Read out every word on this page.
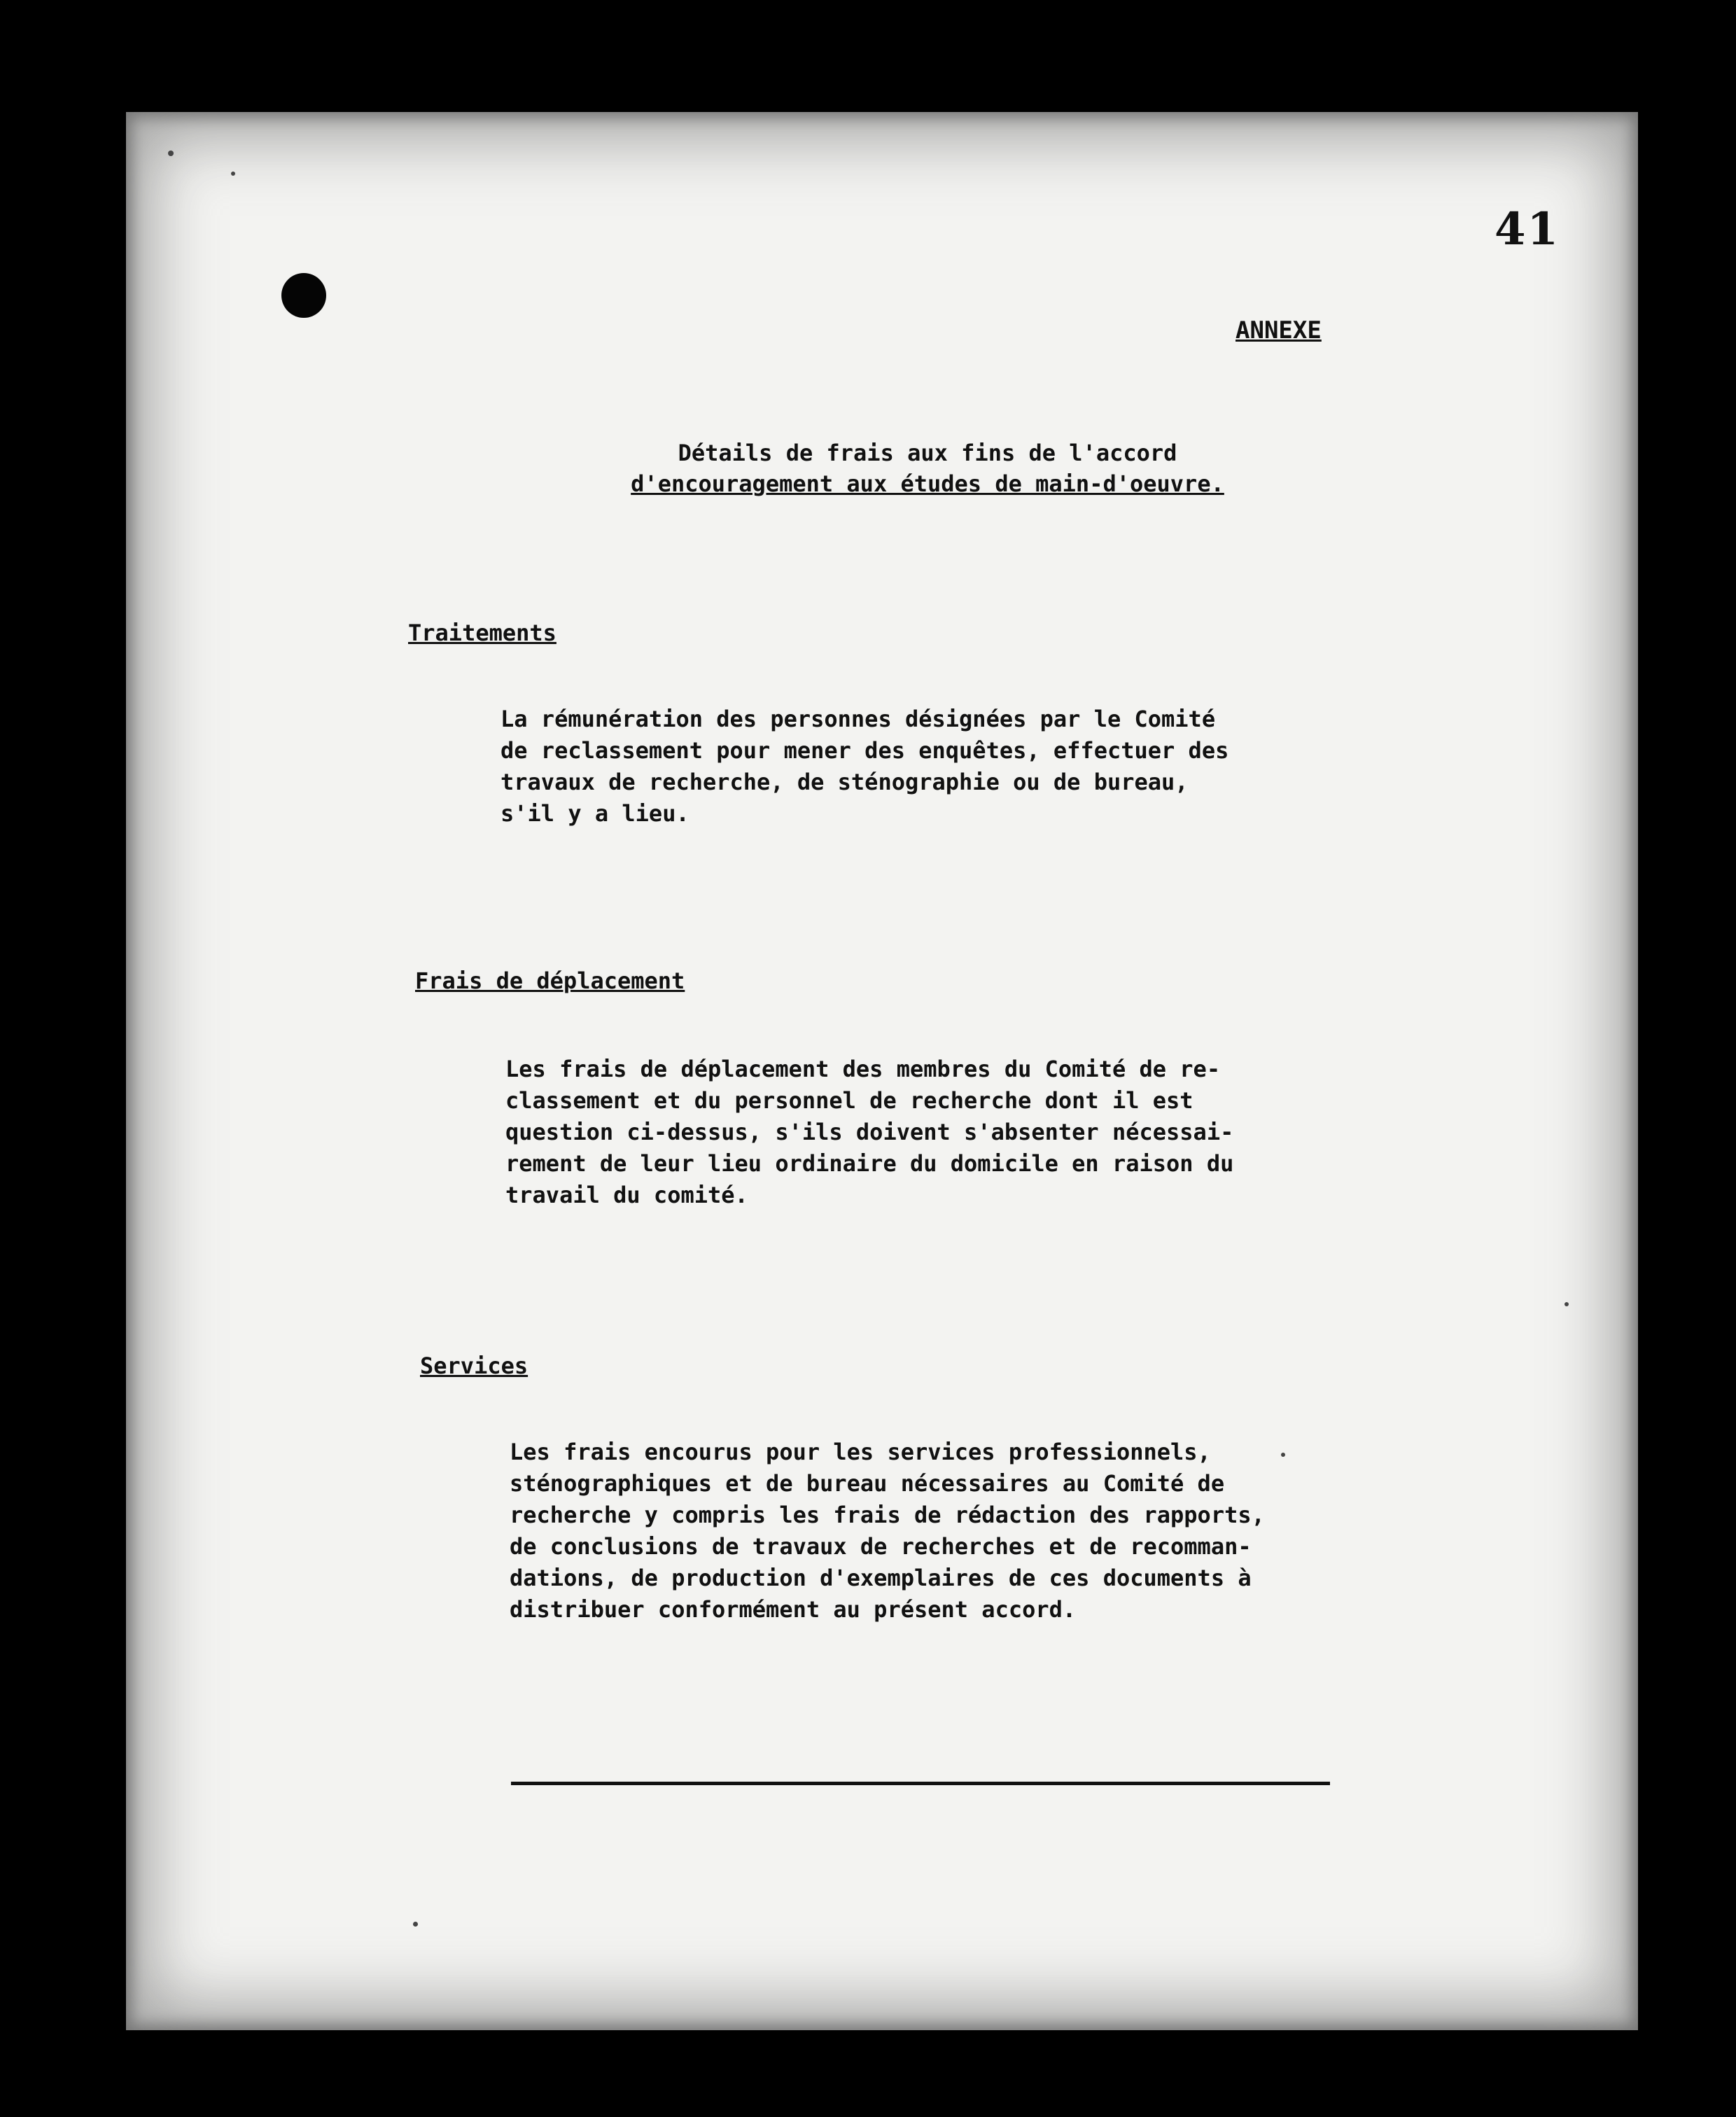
41
ANNEXE
Détails de frais aux fins de l'accord
d'encouragement aux études de main-d'oeuvre.
Traitements
La rémunération des personnes désignées par le Comité
de reclassement pour mener des enquêtes, effectuer des
travaux de recherche, de sténographie ou de bureau,
s'il y a lieu.
Frais de déplacement
Les frais de déplacement des membres du Comité de re-
classement et du personnel de recherche dont il est
question ci-dessus, s'ils doivent s'absenter nécessai-
rement de leur lieu ordinaire du domicile en raison du
travail du comité.
Services
Les frais encourus pour les services professionnels,
sténographiques et de bureau nécessaires au Comité de
recherche y compris les frais de rédaction des rapports,
de conclusions de travaux de recherches et de recomman-
dations, de production d'exemplaires de ces documents à
distribuer conformément au présent accord.
